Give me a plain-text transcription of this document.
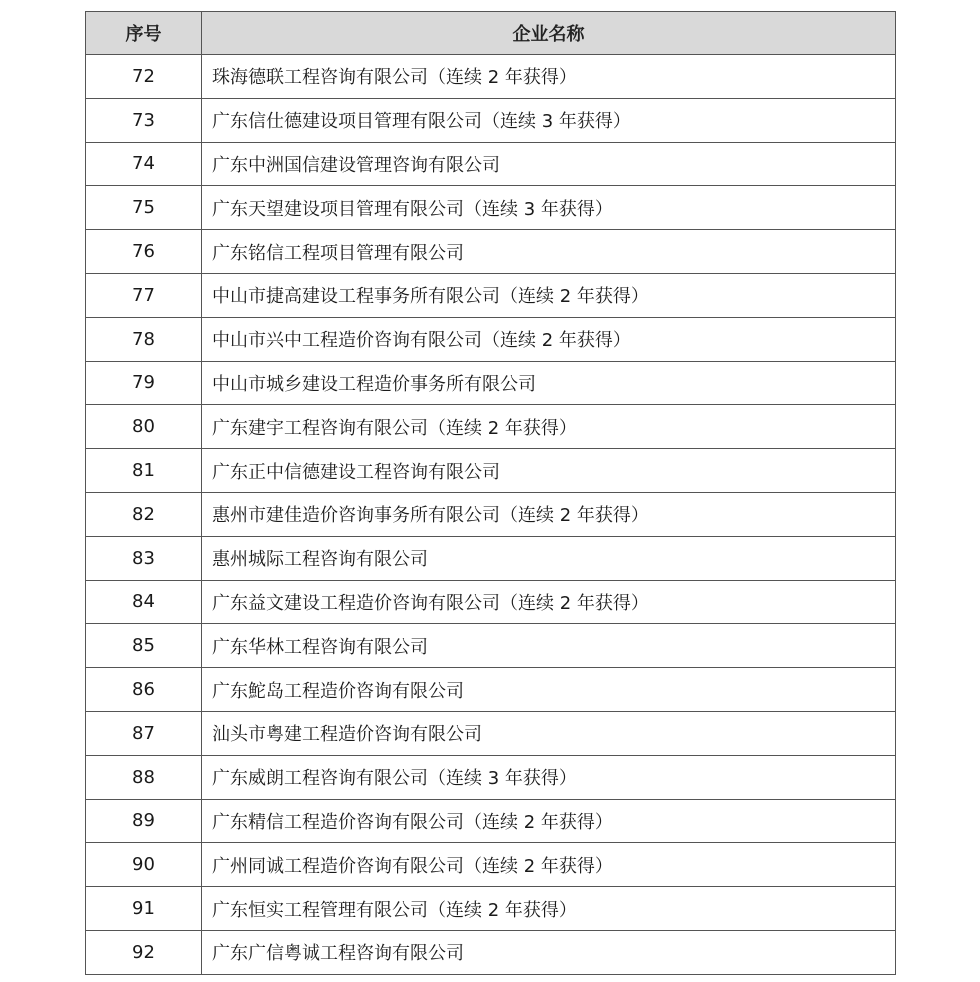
序号	企业名称
72	珠海德联工程咨询有限公司（连续 2 年获得）
73	广东信仕德建设项目管理有限公司（连续 3 年获得）
74	广东中洲国信建设管理咨询有限公司
75	广东天望建设项目管理有限公司（连续 3 年获得）
76	广东铭信工程项目管理有限公司
77	中山市捷高建设工程事务所有限公司（连续 2 年获得）
78	中山市兴中工程造价咨询有限公司（连续 2 年获得）
79	中山市城乡建设工程造价事务所有限公司
80	广东建宇工程咨询有限公司（连续 2 年获得）
81	广东正中信德建设工程咨询有限公司
82	惠州市建佳造价咨询事务所有限公司（连续 2 年获得）
83	惠州城际工程咨询有限公司
84	广东益文建设工程造价咨询有限公司（连续 2 年获得）
85	广东华林工程咨询有限公司
86	广东鮀岛工程造价咨询有限公司
87	汕头市粤建工程造价咨询有限公司
88	广东威朗工程咨询有限公司（连续 3 年获得）
89	广东精信工程造价咨询有限公司（连续 2 年获得）
90	广州同诚工程造价咨询有限公司（连续 2 年获得）
91	广东恒实工程管理有限公司（连续 2 年获得）
92	广东广信粤诚工程咨询有限公司
